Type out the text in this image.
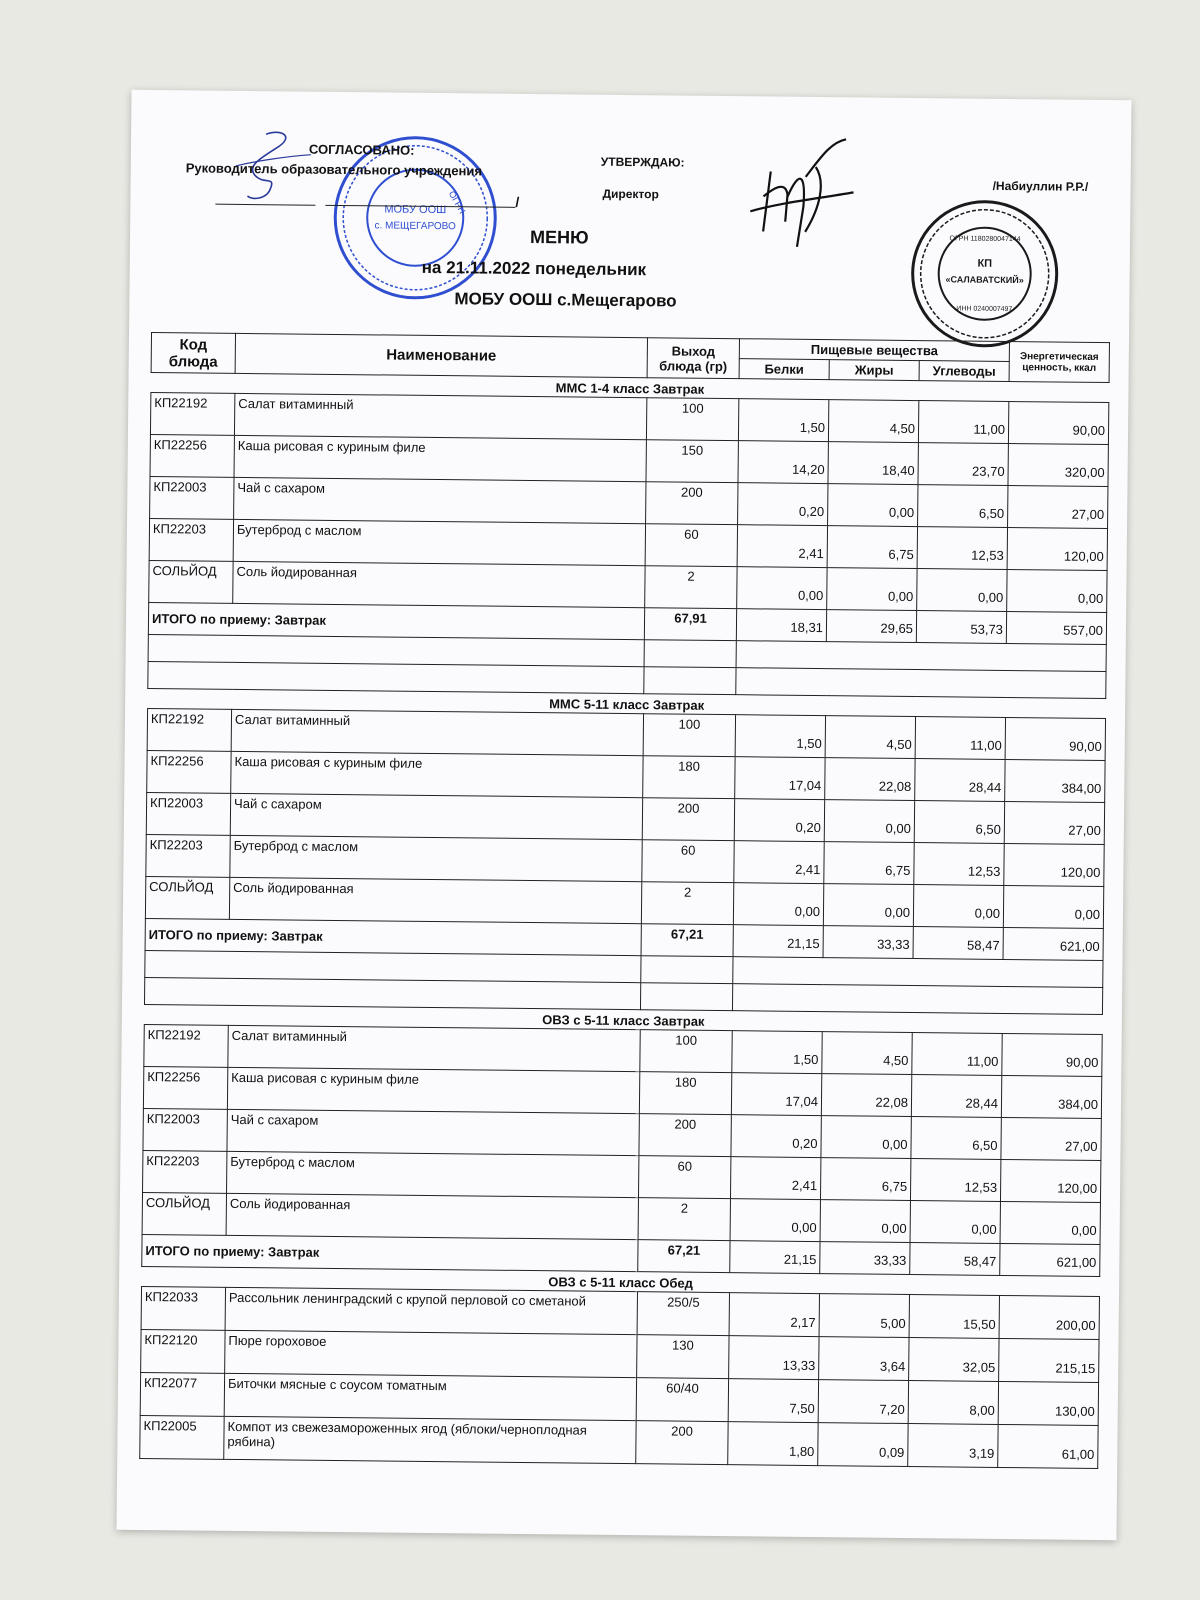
МОБУ ООШ
с. МЕЩЕГАРОВО
ОГРН
КП
«САЛАВАТСКИЙ»
ОГРН 1180280047144
ИНН 0240007497
СОГЛАСОВАНО:
Руководитель образовательного учреждения
/
УТВЕРЖДАЮ:
Директор
/Набиуллин Р.Р./
МЕНЮ
на 21.11.2022 понедельник
МОБУ ООШ с.Мещегарово
Код блюда	Наименование	Выход блюда (гр)	Пищевые вещества			Энергетическая ценность, ккал
			Белки	Жиры	Углеводы	
ММС 1-4 класс Завтрак						
КП22192	Салат витаминный	100	1,50	4,50	11,00	90,00
КП22256	Каша рисовая с куриным филе	150	14,20	18,40	23,70	320,00
КП22003	Чай с сахаром	200	0,20	0,00	6,50	27,00
КП22203	Бутерброд с маслом	60	2,41	6,75	12,53	120,00
СОЛЬЙОД	Соль йодированная	2	0,00	0,00	0,00	0,00
ИТОГО по приему: Завтрак		67,91	18,31	29,65	53,73	557,00

ММС 5-11 класс Завтрак						
КП22192	Салат витаминный	100	1,50	4,50	11,00	90,00
КП22256	Каша рисовая с куриным филе	180	17,04	22,08	28,44	384,00
КП22003	Чай с сахаром	200	0,20	0,00	6,50	27,00
КП22203	Бутерброд с маслом	60	2,41	6,75	12,53	120,00
СОЛЬЙОД	Соль йодированная	2	0,00	0,00	0,00	0,00
ИТОГО по приему: Завтрак		67,21	21,15	33,33	58,47	621,00

ОВЗ с 5-11 класс Завтрак						
КП22192	Салат витаминный	100	1,50	4,50	11,00	90,00
КП22256	Каша рисовая с куриным филе	180	17,04	22,08	28,44	384,00
КП22003	Чай с сахаром	200	0,20	0,00	6,50	27,00
КП22203	Бутерброд с маслом	60	2,41	6,75	12,53	120,00
СОЛЬЙОД	Соль йодированная	2	0,00	0,00	0,00	0,00
ИТОГО по приему: Завтрак		67,21	21,15	33,33	58,47	621,00
ОВЗ с 5-11 класс Обед						
КП22033	Рассольник ленинградский с крупой перловой со сметаной	250/5	2,17	5,00	15,50	200,00
КП22120	Пюре гороховое	130	13,33	3,64	32,05	215,15
КП22077	Биточки мясные с соусом томатным	60/40	7,50	7,20	8,00	130,00
КП22005	Компот из свежезамороженных ягод (яблоки/черноплодная рябина)	200	1,80	0,09	3,19	61,00
